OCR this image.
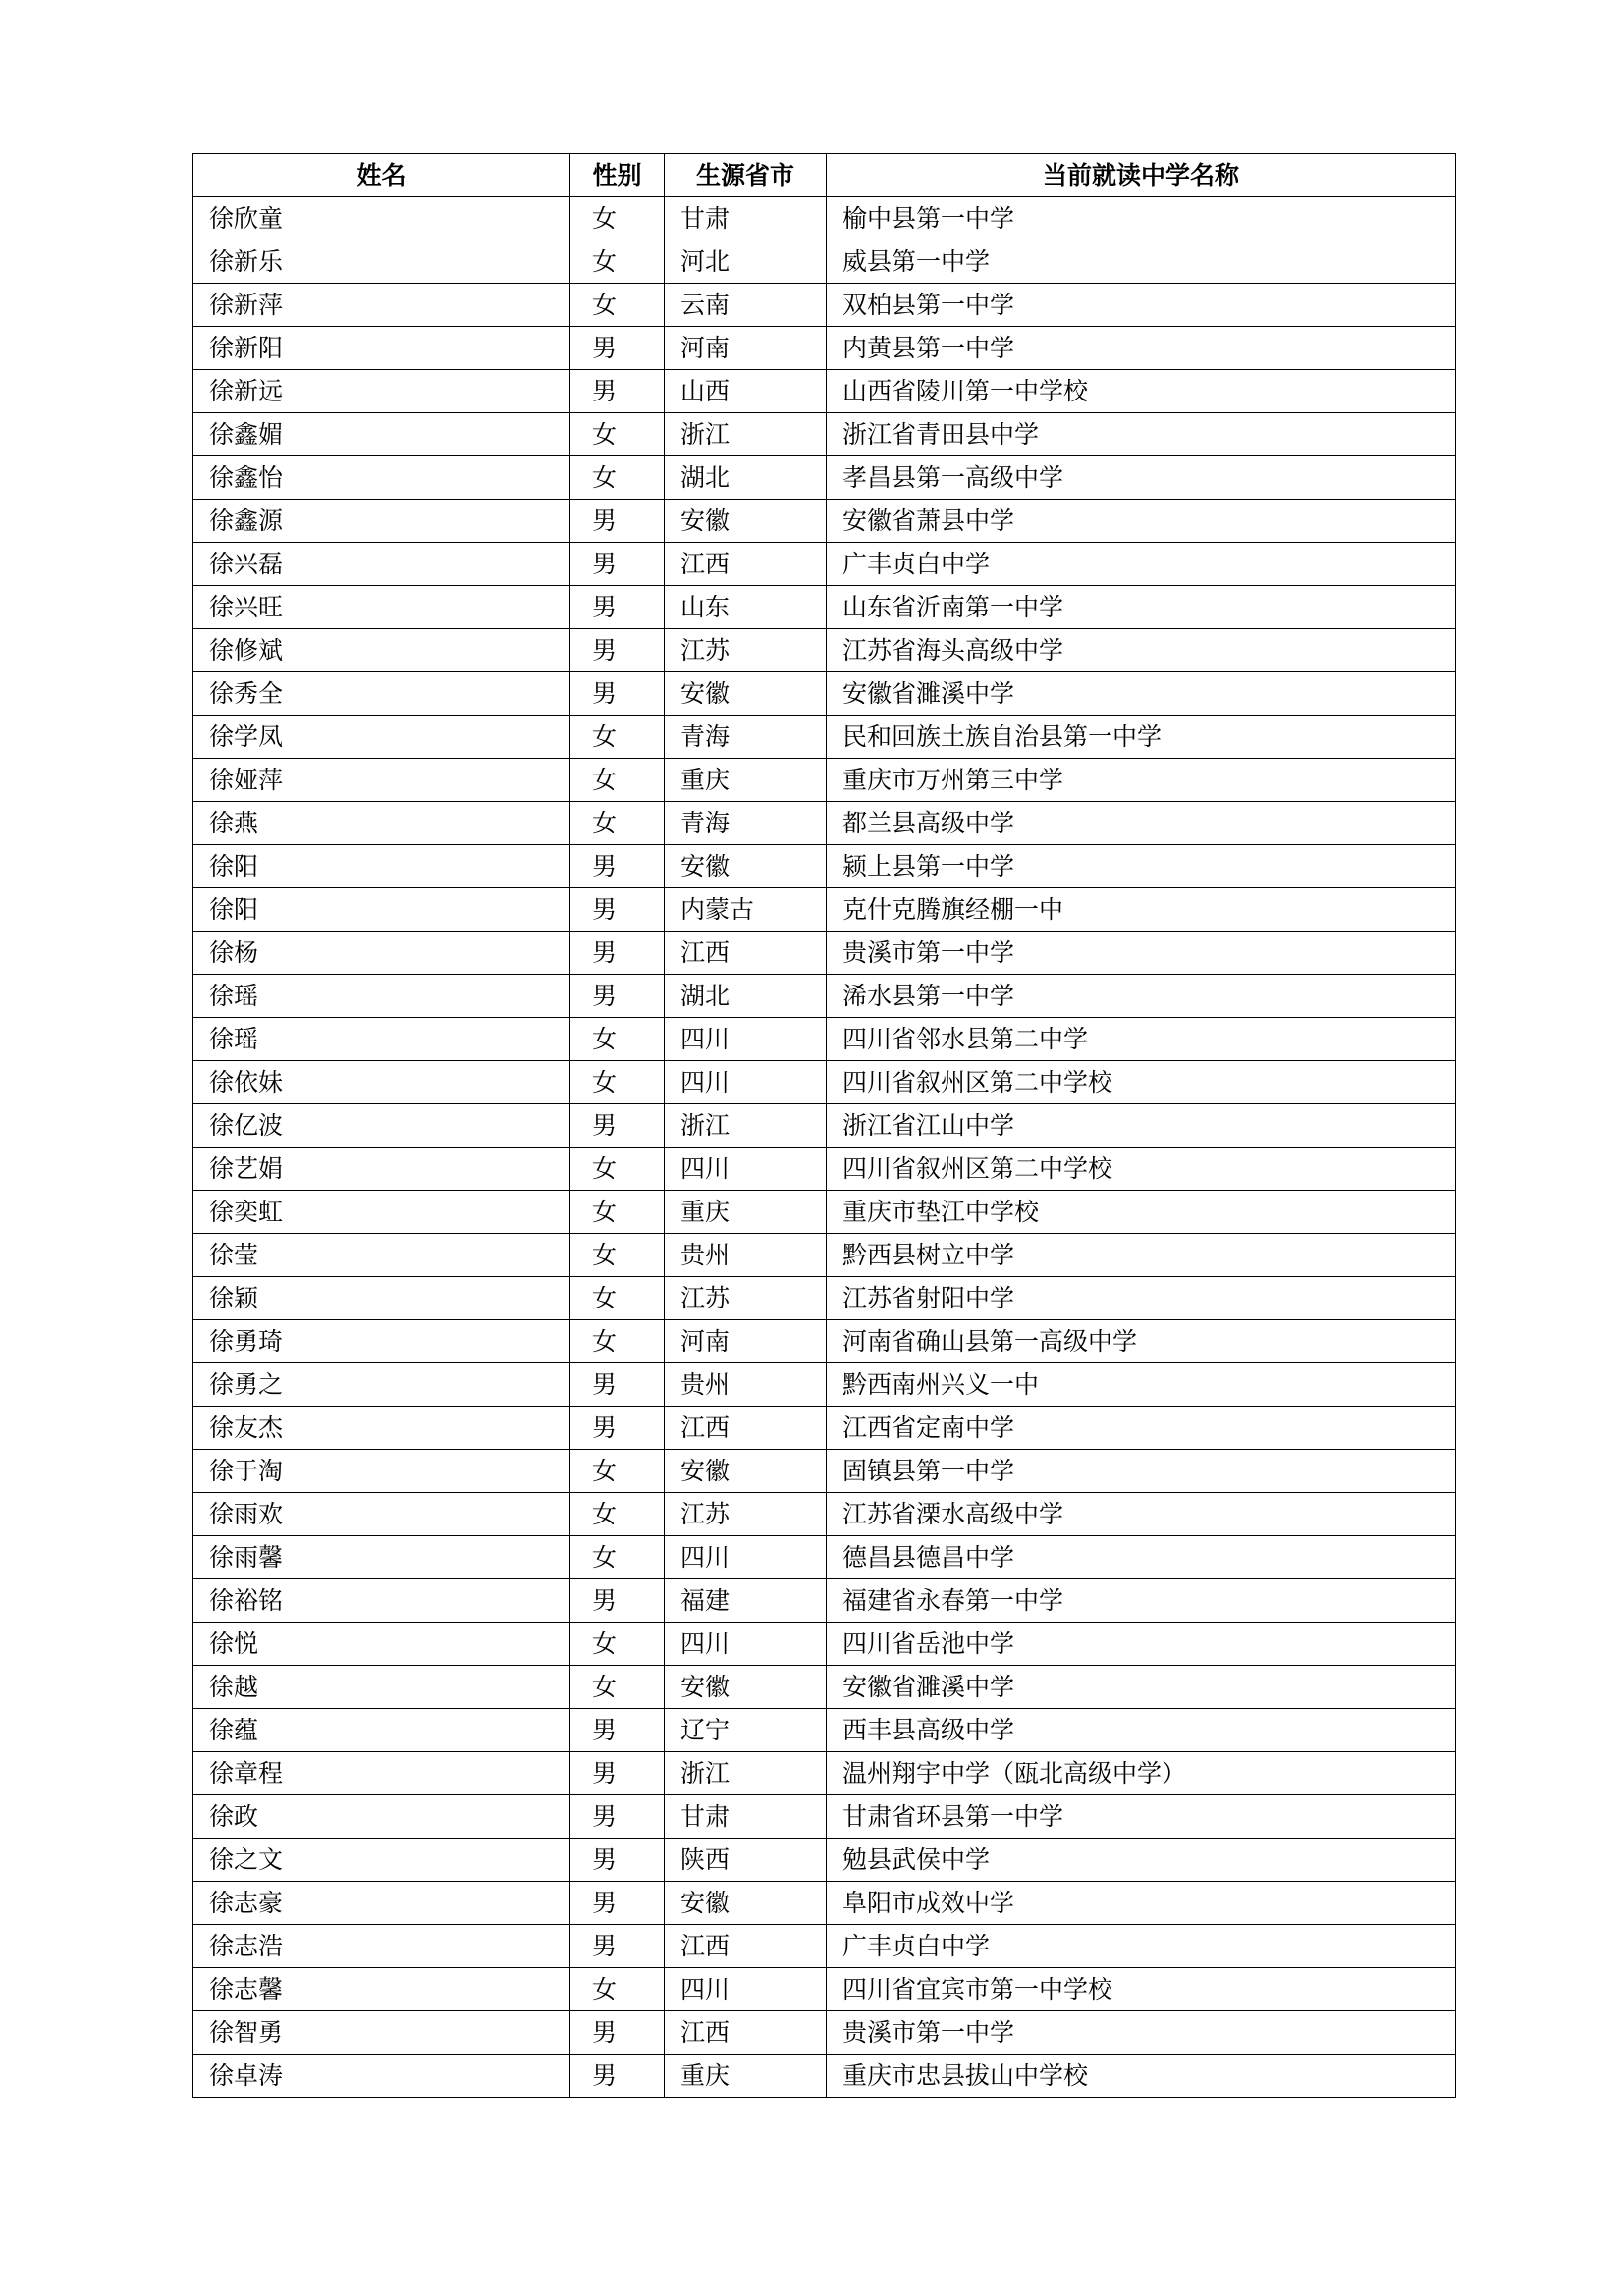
姓名	性别	生源省市	当前就读中学名称
徐欣童	女	甘肃	榆中县第一中学
徐新乐	女	河北	威县第一中学
徐新萍	女	云南	双柏县第一中学
徐新阳	男	河南	内黄县第一中学
徐新远	男	山西	山西省陵川第一中学校
徐鑫媚	女	浙江	浙江省青田县中学
徐鑫怡	女	湖北	孝昌县第一高级中学
徐鑫源	男	安徽	安徽省萧县中学
徐兴磊	男	江西	广丰贞白中学
徐兴旺	男	山东	山东省沂南第一中学
徐修斌	男	江苏	江苏省海头高级中学
徐秀全	男	安徽	安徽省濉溪中学
徐学凤	女	青海	民和回族土族自治县第一中学
徐娅萍	女	重庆	重庆市万州第三中学
徐燕	女	青海	都兰县高级中学
徐阳	男	安徽	颍上县第一中学
徐阳	男	内蒙古	克什克腾旗经棚一中
徐杨	男	江西	贵溪市第一中学
徐瑶	男	湖北	浠水县第一中学
徐瑶	女	四川	四川省邻水县第二中学
徐依妹	女	四川	四川省叙州区第二中学校
徐亿波	男	浙江	浙江省江山中学
徐艺娟	女	四川	四川省叙州区第二中学校
徐奕虹	女	重庆	重庆市垫江中学校
徐莹	女	贵州	黔西县树立中学
徐颖	女	江苏	江苏省射阳中学
徐勇琦	女	河南	河南省确山县第一高级中学
徐勇之	男	贵州	黔西南州兴义一中
徐友杰	男	江西	江西省定南中学
徐于淘	女	安徽	固镇县第一中学
徐雨欢	女	江苏	江苏省溧水高级中学
徐雨馨	女	四川	德昌县德昌中学
徐裕铭	男	福建	福建省永春第一中学
徐悦	女	四川	四川省岳池中学
徐越	女	安徽	安徽省濉溪中学
徐蕴	男	辽宁	西丰县高级中学
徐章程	男	浙江	温州翔宇中学（瓯北高级中学）
徐政	男	甘肃	甘肃省环县第一中学
徐之文	男	陕西	勉县武侯中学
徐志豪	男	安徽	阜阳市成效中学
徐志浩	男	江西	广丰贞白中学
徐志馨	女	四川	四川省宜宾市第一中学校
徐智勇	男	江西	贵溪市第一中学
徐卓涛	男	重庆	重庆市忠县拔山中学校
